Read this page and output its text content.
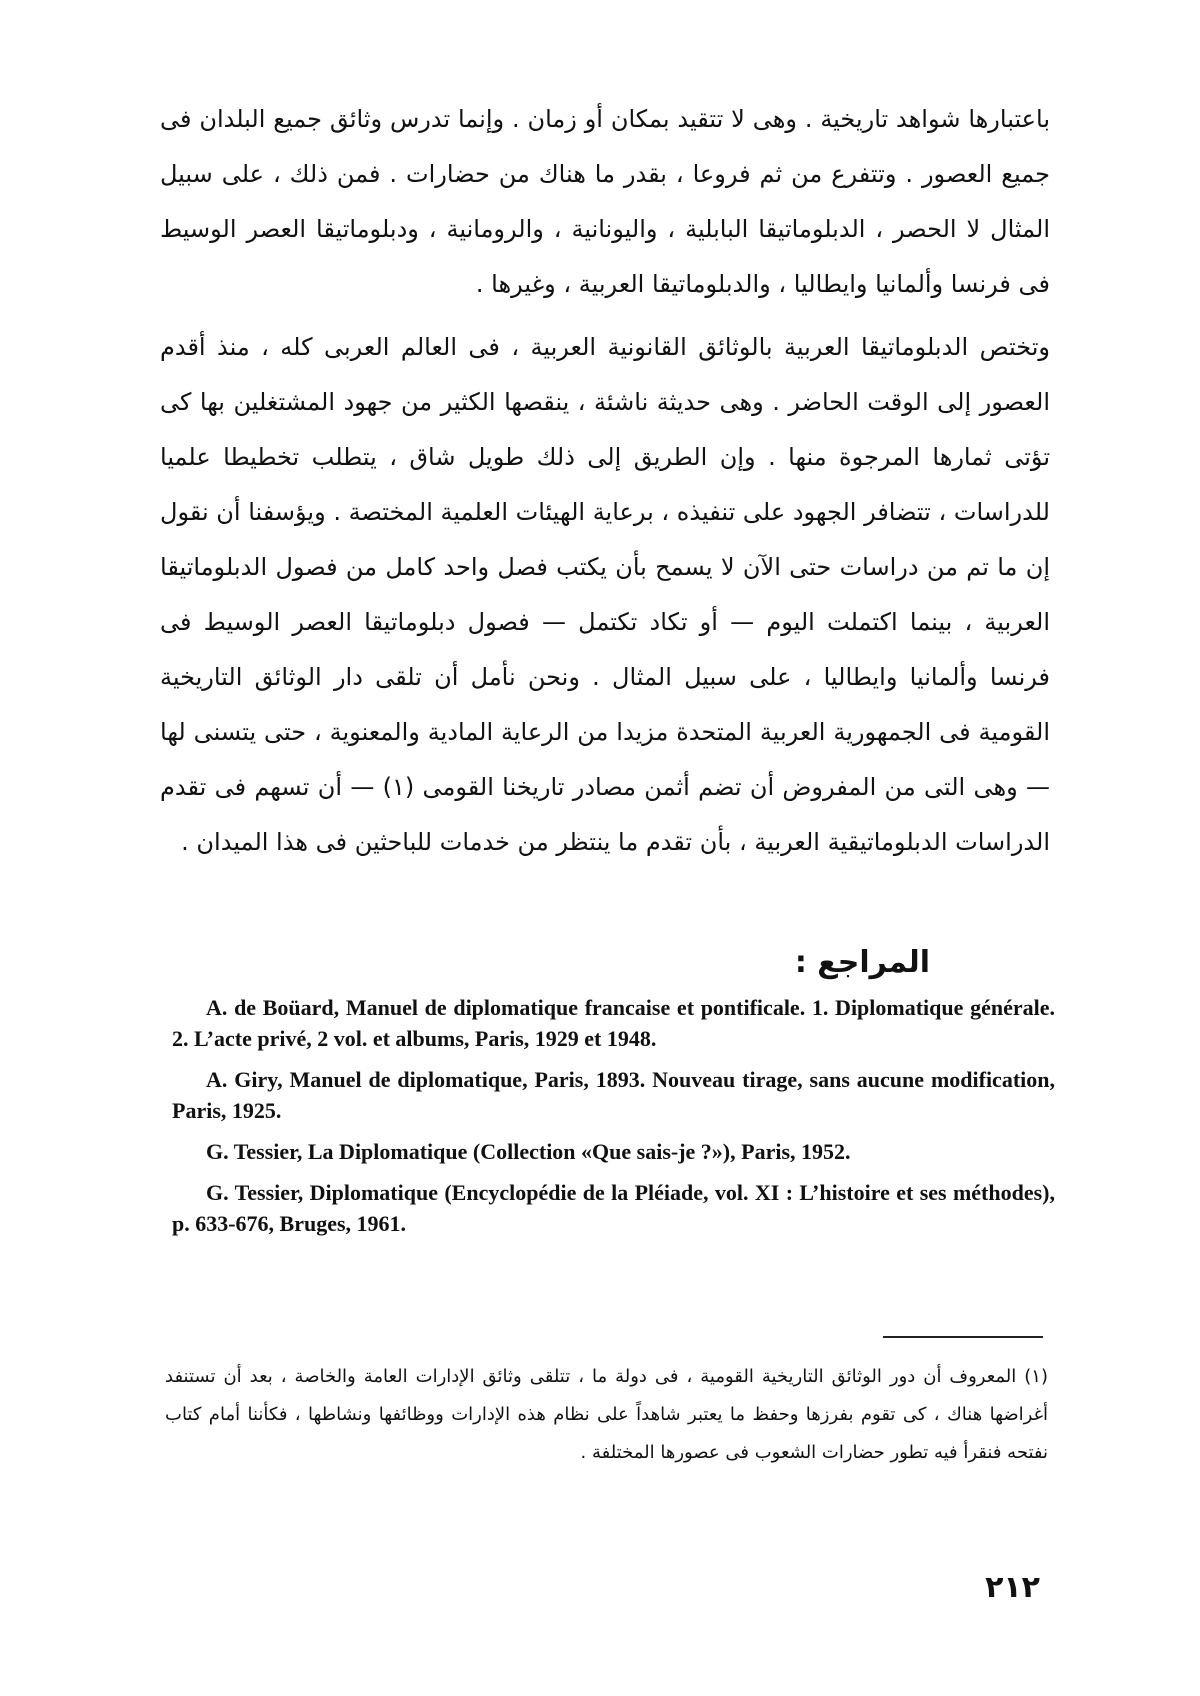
باعتبارها شواهد تاريخية . وهى لا تتقيد بمكان أو زمان . وإنما تدرس وثائق جميع البلدان فى جميع العصور . وتتفرع من ثم فروعا ، بقدر ما هناك من حضارات . فمن ذلك ، على سبيل المثال لا الحصر ، الدبلوماتيقا البابلية ، واليونانية ، والرومانية ، ودبلوماتيقا العصر الوسيط فى فرنسا وألمانيا وايطاليا ، والدبلوماتيقا العربية ، وغيرها .

وتختص الدبلوماتيقا العربية بالوثائق القانونية العربية ، فى العالم العربى كله ، منذ أقدم العصور إلى الوقت الحاضر . وهى حديثة ناشئة ، ينقصها الكثير من جهود المشتغلين بها كى تؤتى ثمارها المرجوة منها . وإن الطريق إلى ذلك طويل شاق ، يتطلب تخطيطا علميا للدراسات ، تتضافر الجهود على تنفيذه ، برعاية الهيئات العلمية المختصة . ويؤسفنا أن نقول إن ما تم من دراسات حتى الآن لا يسمح بأن يكتب فصل واحد كامل من فصول الدبلوماتيقا العربية ، بينما اكتملت اليوم — أو تكاد تكتمل — فصول دبلوماتيقا العصر الوسيط فى فرنسا وألمانيا وايطاليا ، على سبيل المثال . ونحن نأمل أن تلقى دار الوثائق التاريخية القومية فى الجمهورية العربية المتحدة مزيدا من الرعاية المادية والمعنوية ، حتى يتسنى لها — وهى التى من المفروض أن تضم أثمن مصادر تاريخنا القومى (١) — أن تسهم فى تقدم الدراسات الدبلوماتيقية العربية ، بأن تقدم ما ينتظر من خدمات للباحثين فى هذا الميدان .

المراجع :

A. de Boüard, Manuel de diplomatique francaise et pontificale. 1. Diplomatique générale. 2. L’acte privé, 2 vol. et albums, Paris, 1929 et 1948.

A. Giry, Manuel de diplomatique, Paris, 1893. Nouveau tirage, sans aucune modification, Paris, 1925.

G. Tessier, La Diplomatique (Collection «Que sais-je ?»), Paris, 1952.

G. Tessier, Diplomatique (Encyclopédie de la Pléiade, vol. XI : L’histoire et ses méthodes), p. 633-676, Bruges, 1961.

(١) المعروف أن دور الوثائق التاريخية القومية ، فى دولة ما ، تتلقى وثائق الإدارات العامة والخاصة ، بعد أن تستنفد أغراضها هناك ، كى تقوم بفرزها وحفظ ما يعتبر شاهداً على نظام هذه الإدارات ووظائفها ونشاطها ، فكأننا أمام كتاب نفتحه فنقرأ فيه تطور حضارات الشعوب فى عصورها المختلفة .

٢١٢
